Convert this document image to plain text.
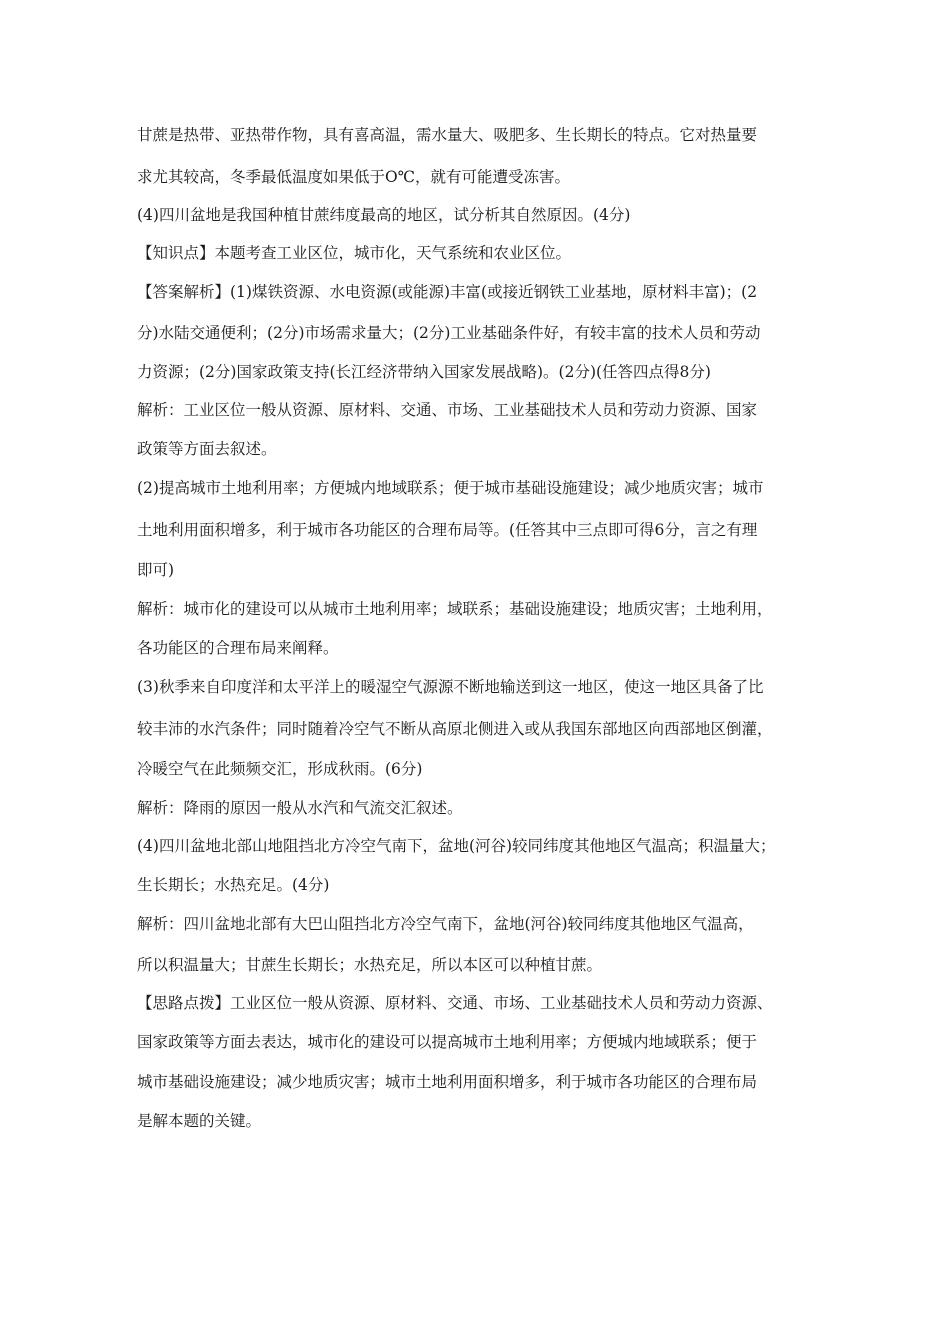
甘蔗是热带、亚热带作物，具有喜高温，需水量大、吸肥多、生长期长的特点。它对热量要
求尤其较高，冬季最低温度如果低于O℃，就有可能遭受冻害。
(4)四川盆地是我国种植甘蔗纬度最高的地区，试分析其自然原因。(4分)
【知识点】本题考查工业区位，城市化，天气系统和农业区位。
【答案解析】(1)煤铁资源、水电资源(或能源)丰富(或接近钢铁工业基地，原材料丰富)；(2
分)水陆交通便利；(2分)市场需求量大；(2分)工业基础条件好，有较丰富的技术人员和劳动
力资源；(2分)国家政策支持(长江经济带纳入国家发展战略)。(2分)(任答四点得8分)
解析：工业区位一般从资源、原材料、交通、市场、工业基础技术人员和劳动力资源、国家
政策等方面去叙述。
(2)提高城市土地利用率；方便城内地域联系；便于城市基础设施建设；减少地质灾害；城市
土地利用面积增多，利于城市各功能区的合理布局等。(任答其中三点即可得6分，言之有理
即可)
解析：城市化的建设可以从城市土地利用率；域联系；基础设施建设；地质灾害；土地利用，
各功能区的合理布局来阐释。
(3)秋季来自印度洋和太平洋上的暖湿空气源源不断地输送到这一地区，使这一地区具备了比
较丰沛的水汽条件；同时随着冷空气不断从高原北侧进入或从我国东部地区向西部地区倒灌，
冷暖空气在此频频交汇，形成秋雨。(6分)
解析：降雨的原因一般从水汽和气流交汇叙述。
(4)四川盆地北部山地阻挡北方冷空气南下，盆地(河谷)较同纬度其他地区气温高；积温量大；
生长期长；水热充足。(4分)
解析：四川盆地北部有大巴山阻挡北方冷空气南下，盆地(河谷)较同纬度其他地区气温高，
所以积温量大；甘蔗生长期长；水热充足，所以本区可以种植甘蔗。
【思路点拨】工业区位一般从资源、原材料、交通、市场、工业基础技术人员和劳动力资源、
国家政策等方面去表达，城市化的建设可以提高城市土地利用率；方便城内地域联系；便于
城市基础设施建设；减少地质灾害；城市土地利用面积增多，利于城市各功能区的合理布局
是解本题的关键。
